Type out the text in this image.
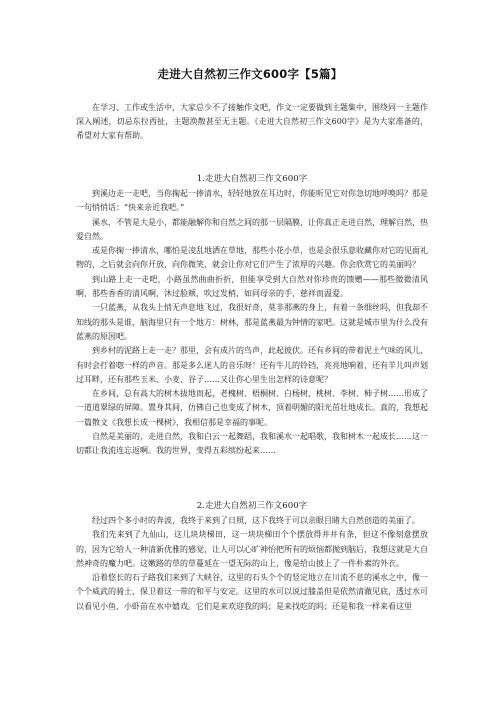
走进大自然初三作文600字【5篇】

在学习、工作或生活中，大家总少不了接触作文吧，作文一定要做到主题集中，围绕同一主题作深入阐述，切忌东拉西扯，主题涣散甚至无主题。《走进大自然初三作文600字》是为大家准备的，希望对大家有帮助。

1.走进大自然初三作文600字

到溪边走一走吧，当你掬起一捧清水，轻轻地放在耳边时，你能听见它对你急切地呼唤吗？那是一句悄悄话：“快来亲近我吧。”

溪水，不管是大是小，都能融解你和自然之间的那一层隔膜，让你真正走进自然，理解自然，热爱自然。

或是你掬一捧清水，哪怕是凌乱地洒在草地，那些小花小草，也是会很乐意收藏你对它的见面礼物的，之后就会向你开放，向你微笑，就会让你对它们产生了浓厚的兴趣。你会欣赏它的美丽吗？

到山路上走一走吧，小路虽然曲曲折折，但能享受到大自然对你珍贵的馈赠——那些微微清风啊，那些香香的清风啊，沐过脸颊，吹过发梢，如同母亲的手，慈祥而温爱。

一只蓝燕，从我头上悄无声息地飞过，我很好奇，莫非那燕的身上，有着一条细丝吗，但我却不知线的那头是谁，脑海里只有一个地方：树林，那是蓝燕最为钟情的家吧。这就是城市里为什么没有蓝燕的原因吧。

到乡村的泥路上走一走？那里，会有成片的鸟声，此起彼伏。还有乡间的带着泥土气味的风儿，有时会打着唿一样的声音。那是多么迷人的音乐呀！还有牛儿的铃铛，亮亮地响着，还有羊儿叫声划过耳畔，还有那些玉米、小麦、谷子……又让你心里生出怎样的诗意呢？

在乡间，总有高大的树木拔地而起，老槐树、梧桐树、白杨树，桃树、李树、柿子树……形成了一道道翠绿的屏障。置身其间，仿佛自己也变成了树木，顶着明媚的阳光茁壮地成长。真的，我想起一篇散文《我想长成一棵树》，我相信那是幸福的事呢。

自然是美丽的，走进自然，我和白云一起舞蹈，我和溪水一起唱歌，我和树木一起成长……这一切都让我流连忘返啊。我的世界，变得五彩缤纷起来……

2.走进大自然初三作文600字

经过四个多小时的奔波，我终于来到了日照，这下我终于可以亲眼目睹大自然创造的美丽了。

我们先来到了九仙山，这儿块块梯田，这一块块梯田个个摆放得井井有条，但这不像刻意摆放的，因为它给人一种清新优雅的感觉，让人可以心旷神怡把所有的烦恼都抛到脑后，我想这就是大自然神奇的魔力吧。这嫩路的草的草蔓延在一望无际的山上，像是给山披上了一件朴素的外衣。

沿着悠长的石子路我们来到了大峡谷，这里的石头个个的竖定地立在川流不息的溪水之中，像一个个威武的骑士，保卫着这一带的和平与安定。这里的水可以说过膝盖但是依然清澈见底，透过水可以看见小鱼、小虾苗在水中嬉戏。它们是来欢迎我的吗；是来找吃的吗；还是和我一样来看这里
